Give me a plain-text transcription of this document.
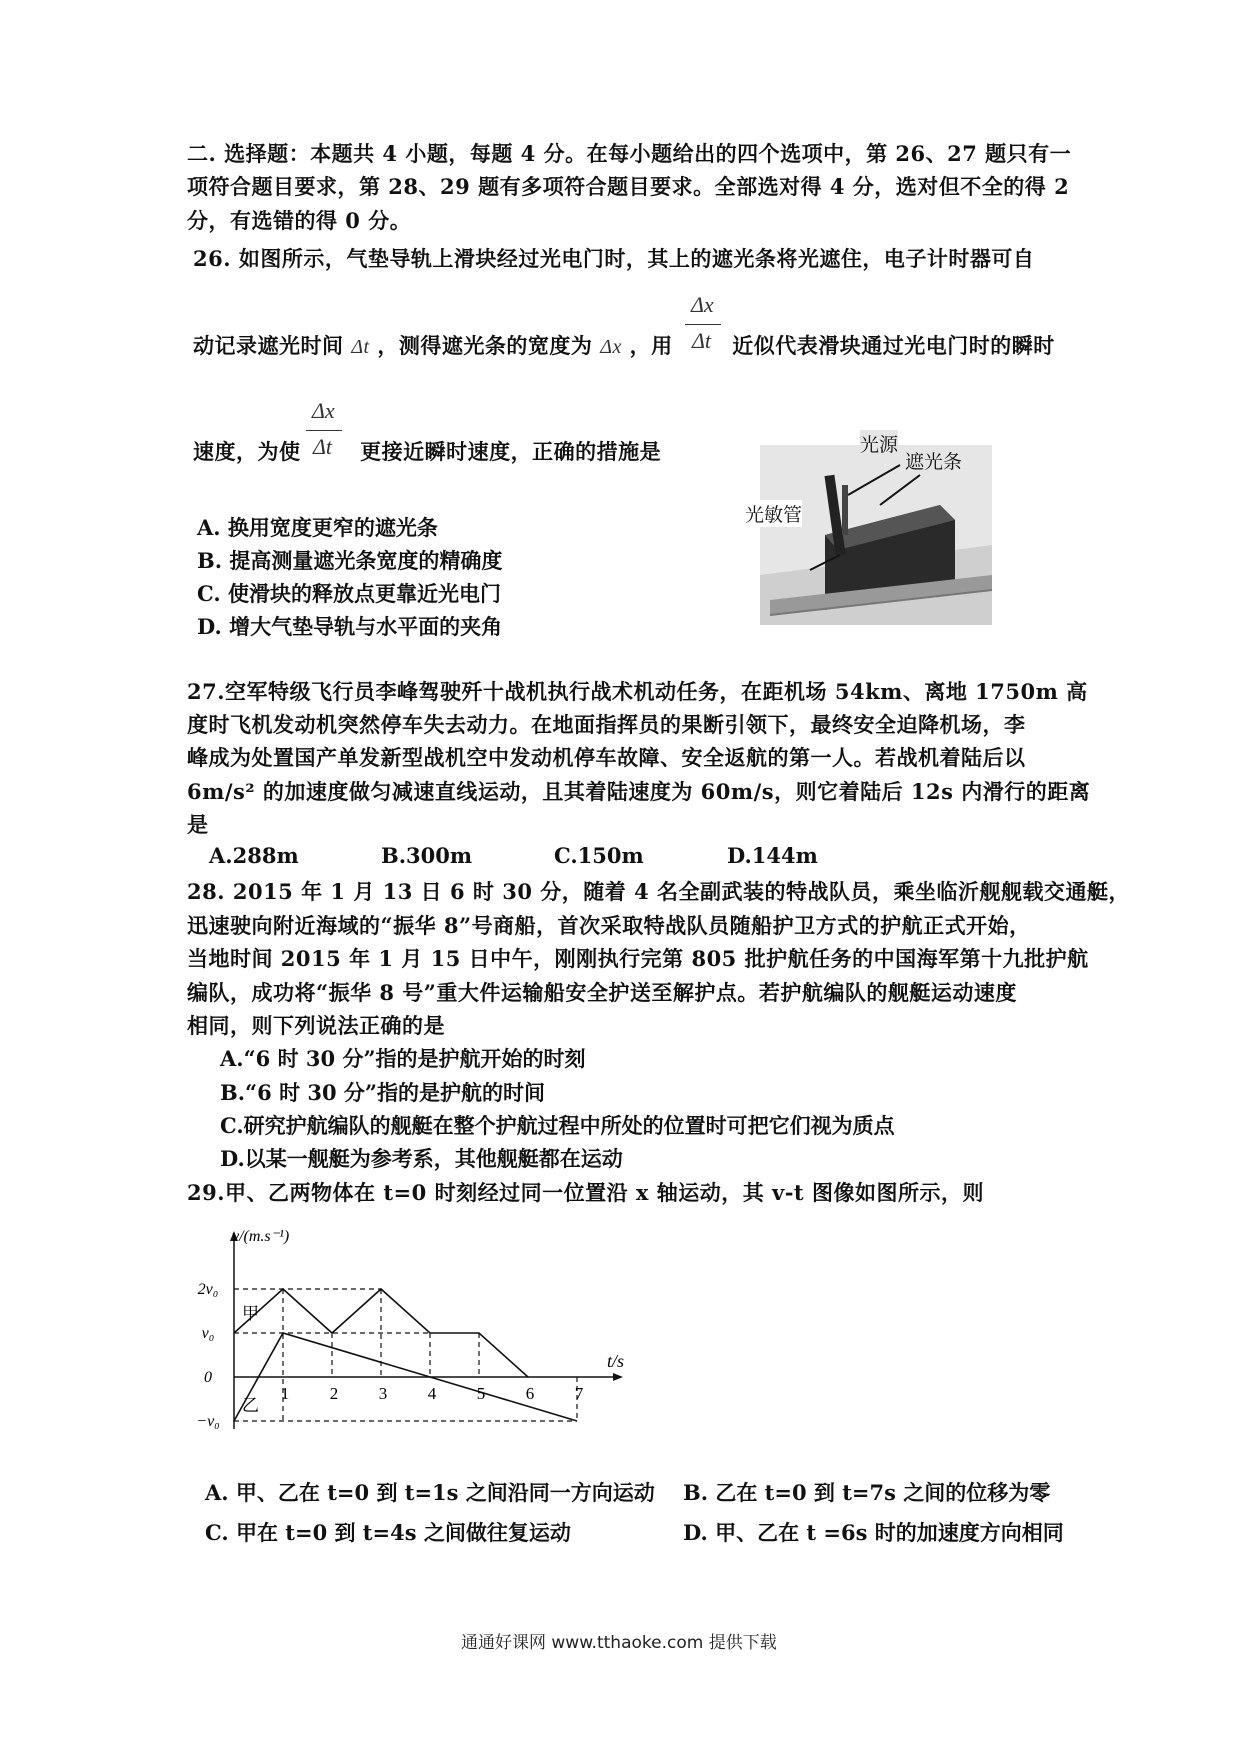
二. 选择题：本题共 4 小题，每题 4 分。在每小题给出的四个选项中，第 26、27 题只有一
项符合题目要求，第 28、29 题有多项符合题目要求。全部选对得 4 分，选对但不全的得 2
分，有选错的得 0 分。
26. 如图所示，气垫导轨上滑块经过光电门时，其上的遮光条将光遮住，电子计时器可自
Δx
Δt
动记录遮光时间 Δt ，测得遮光条的宽度为 Δx ，用	近似代表滑块通过光电门时的瞬时
Δx
Δt
速度，为使	更接近瞬时速度，正确的措施是	光源
遮光条
光敏管
A. 换用宽度更窄的遮光条
B. 提高测量遮光条宽度的精确度
C. 使滑块的释放点更靠近光电门
D. 增大气垫导轨与水平面的夹角
27.空军特级飞行员李峰驾驶歼十战机执行战术机动任务，在距机场 54km、离地 1750m 高
度时飞机发动机突然停车失去动力。在地面指挥员的果断引领下，最终安全迫降机场，李
峰成为处置国产单发新型战机空中发动机停车故障、安全返航的第一人。若战机着陆后以
6m/s² 的加速度做匀减速直线运动，且其着陆速度为 60m/s，则它着陆后 12s 内滑行的距离
是
A.288m	B.300m	C.150m	D.144m
28. 2015 年 1 月 13 日 6 时 30 分，随着 4 名全副武装的特战队员，乘坐临沂舰舰载交通艇，
迅速驶向附近海域的“振华 8”号商船，首次采取特战队员随船护卫方式的护航正式开始，
当地时间 2015 年 1 月 15 日中午，刚刚执行完第 805 批护航任务的中国海军第十九批护航
编队，成功将“振华 8 号”重大件运输船安全护送至解护点。若护航编队的舰艇运动速度
相同，则下列说法正确的是
A.“6 时 30 分”指的是护航开始的时刻
B.“6 时 30 分”指的是护航的时间
C.研究护航编队的舰艇在整个护航过程中所处的位置时可把它们视为质点
D.以某一舰艇为参考系，其他舰艇都在运动
29.甲、乙两物体在 t=0 时刻经过同一位置沿 x 轴运动，其 v-t 图像如图所示，则
甲
乙
2v₀
v₀
0
−v₀
1 2 3 4 5 6 7
v/(m.s⁻¹)
t/s
A. 甲、乙在 t=0 到 t=1s 之间沿同一方向运动 B. 乙在 t=0 到 t=7s 之间的位移为零
C. 甲在 t=0 到 t=4s 之间做往复运动	D. 甲、乙在 t =6s 时的加速度方向相同
通通好课网 www.tthaoke.com 提供下载
